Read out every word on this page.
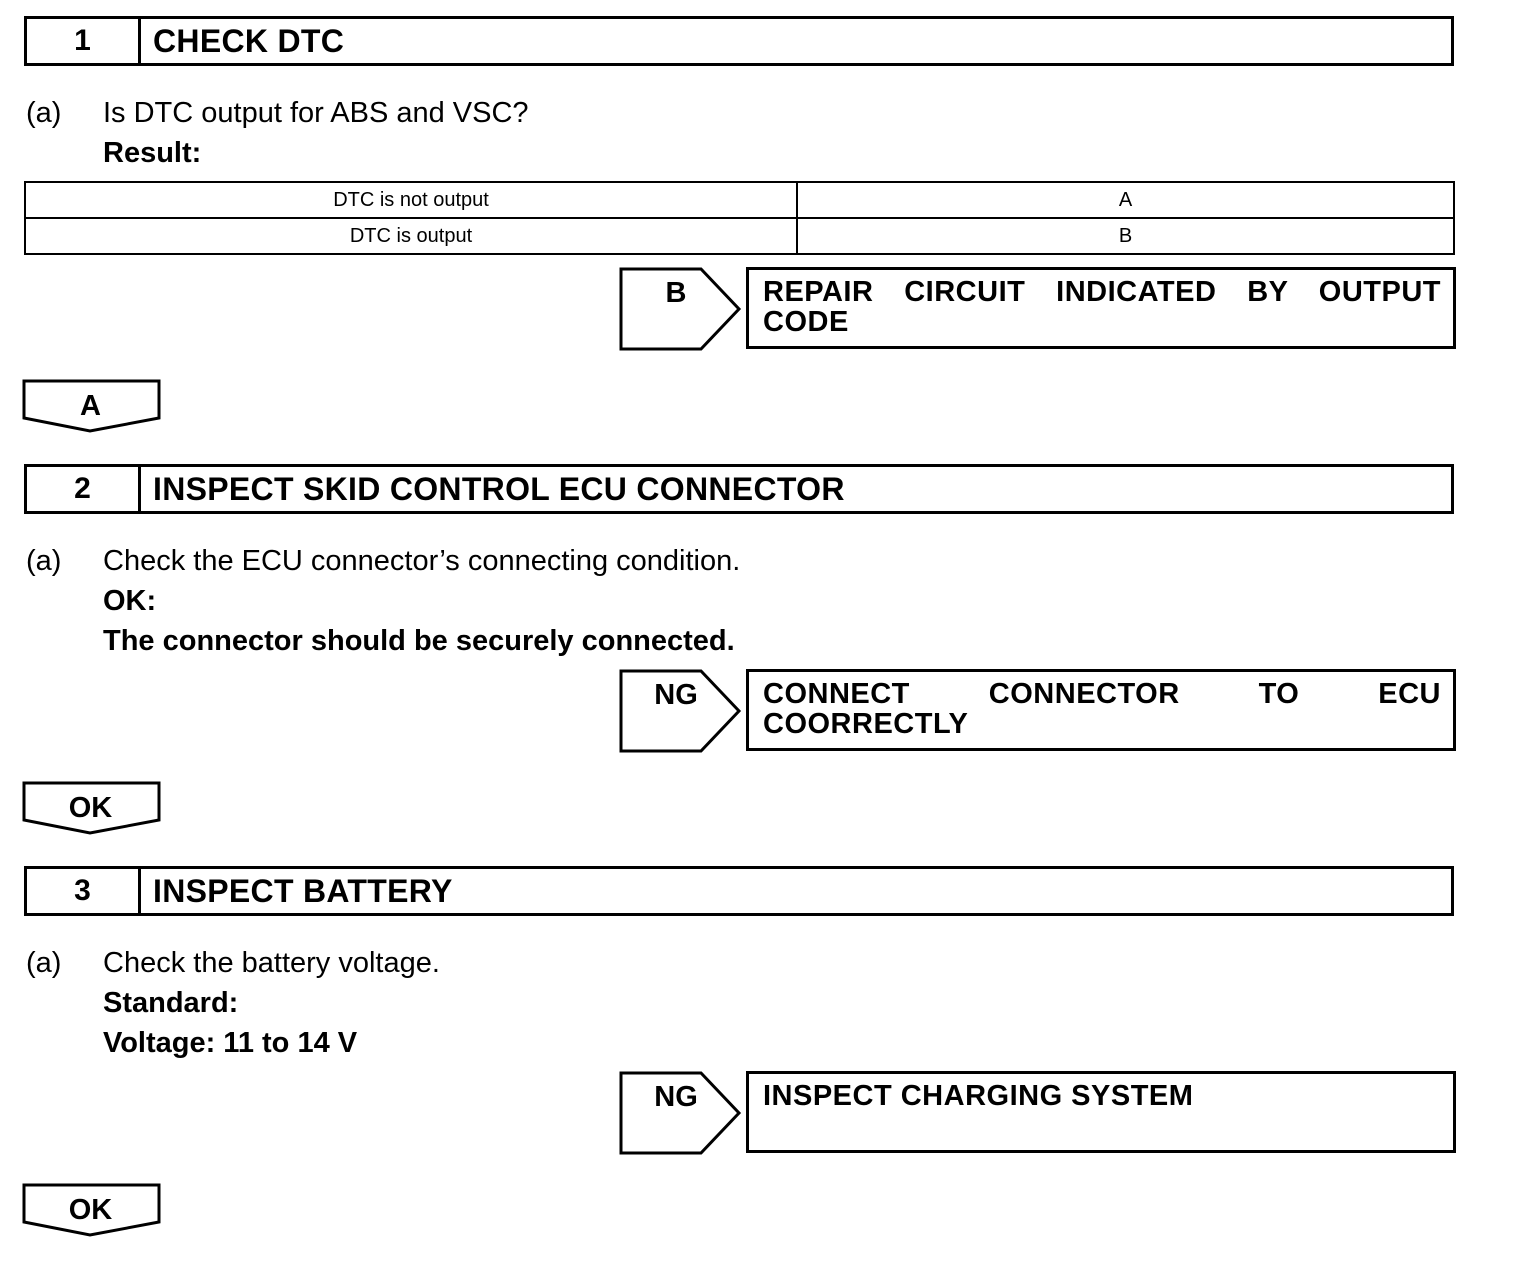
1	CHECK DTC
(a) Is DTC output for ABS and VSC?
Result:
DTC is not output	A
DTC is output	B
B	REPAIR CIRCUIT INDICATED BY OUTPUT CODE
A
2	INSPECT SKID CONTROL ECU CONNECTOR
(a) Check the ECU connector’s connecting condition.
OK:
The connector should be securely connected.
NG	CONNECT CONNECTOR TO ECU COORRECTLY
OK
3	INSPECT BATTERY
(a) Check the battery voltage.
Standard:
Voltage: 11 to 14 V
NG	INSPECT CHARGING SYSTEM
OK
